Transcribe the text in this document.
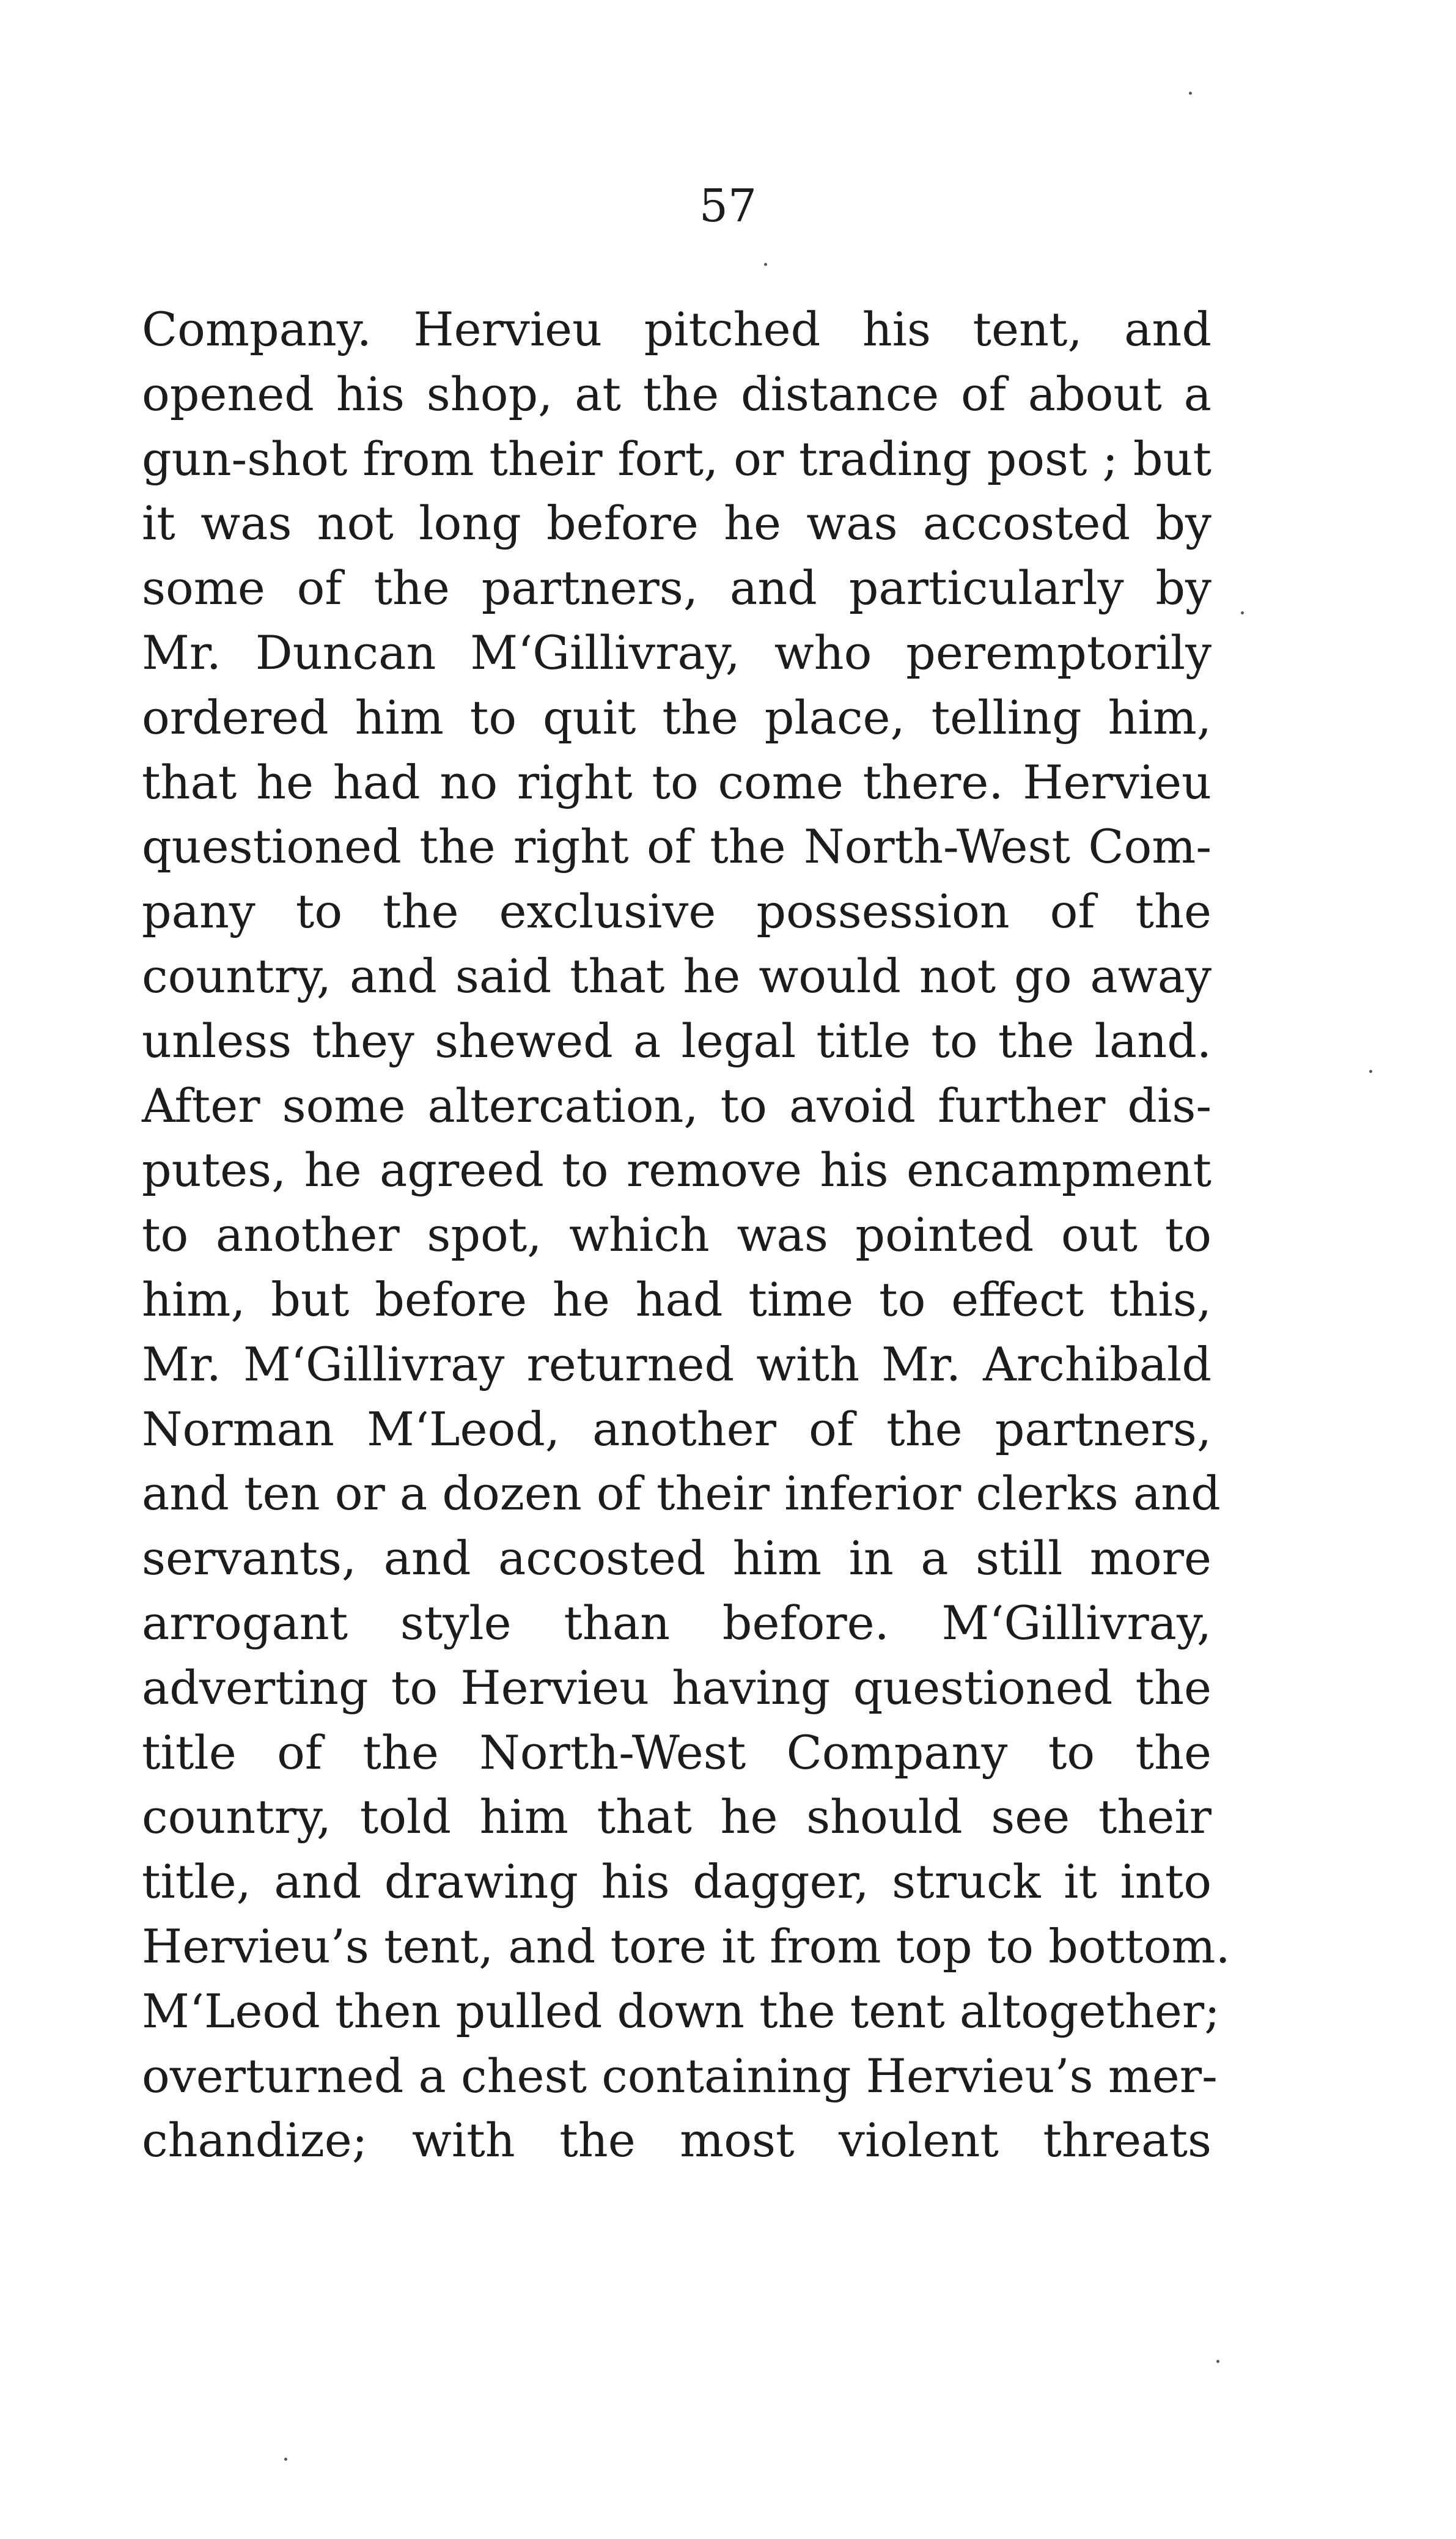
57
Company. Hervieu pitched his tent, and
opened his shop, at the distance of about a
gun-shot from their fort, or trading post ; but
it was not long before he was accosted by
some of the partners, and particularly by
Mr. Duncan M‘Gillivray, who peremptorily
ordered him to quit the place, telling him,
that he had no right to come there. Hervieu
questioned the right of the North-West Com-
pany to the exclusive possession of the
country, and said that he would not go away
unless they shewed a legal title to the land.
After some altercation, to avoid further dis-
putes, he agreed to remove his encampment
to another spot, which was pointed out to
him, but before he had time to effect this,
Mr. M‘Gillivray returned with Mr. Archibald
Norman M‘Leod, another of the partners,
and ten or a dozen of their inferior clerks and
servants, and accosted him in a still more
arrogant style than before. M‘Gillivray,
adverting to Hervieu having questioned the
title of the North-West Company to the
country, told him that he should see their
title, and drawing his dagger, struck it into
Hervieu’s tent, and tore it from top to bottom.
M‘Leod then pulled down the tent altogether;
overturned a chest containing Hervieu’s mer-
chandize; with the most violent threats
